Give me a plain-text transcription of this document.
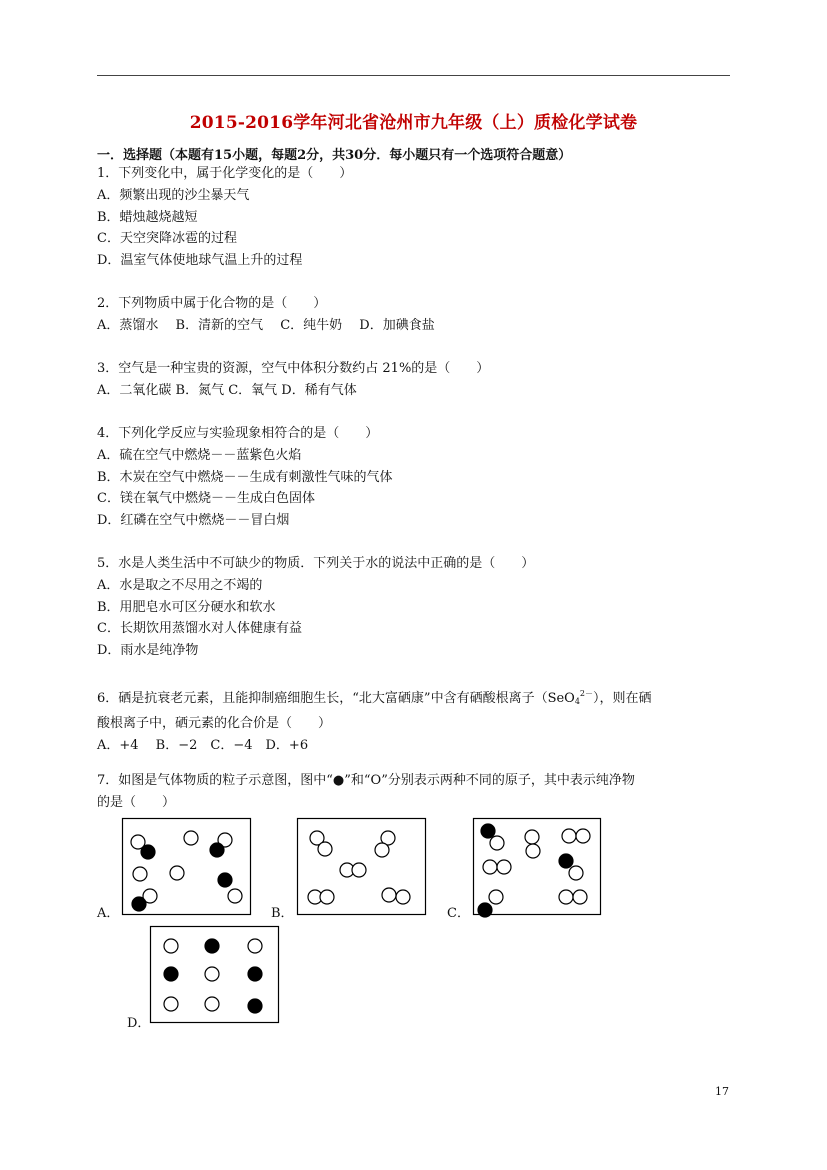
2015-2016学年河北省沧州市九年级（上）质检化学试卷
一．选择题（本题有15小题，每题2分，共30分．每小题只有一个选项符合题意）
1．下列变化中，属于化学变化的是（　　）
A．频繁出现的沙尘暴天气
B．蜡烛越烧越短
C．天空突降冰雹的过程
D．温室气体使地球气温上升的过程
2．下列物质中属于化合物的是（　　）
A．蒸馏水　 B．清新的空气　 C．纯牛奶　 D．加碘食盐
3．空气是一种宝贵的资源，空气中体积分数约占 21%的是（　　）
A．二氧化碳 B．氮气 C．氧气 D．稀有气体
4．下列化学反应与实验现象相符合的是（　　）
A．硫在空气中燃烧－－蓝紫色火焰
B．木炭在空气中燃烧－－生成有刺激性气味的气体
C．镁在氧气中燃烧－－生成白色固体
D．红磷在空气中燃烧－－冒白烟
5．水是人类生活中不可缺少的物质．下列关于水的说法中正确的是（　　）
A．水是取之不尽用之不竭的
B．用肥皂水可区分硬水和软水
C．长期饮用蒸馏水对人体健康有益
D．雨水是纯净物
6．硒是抗衰老元素，且能抑制癌细胞生长，“北大富硒康”中含有硒酸根离子（SeO$_4^{2-}$），则在硒
酸根离子中，硒元素的化合价是（　　）
A．+4　 B．−2　C．−4　D．+6
7．如图是气体物质的粒子示意图，图中“●”和“O”分别表示两种不同的原子，其中表示纯净物
的是（　　）
A．	B．	C．
D．
17
